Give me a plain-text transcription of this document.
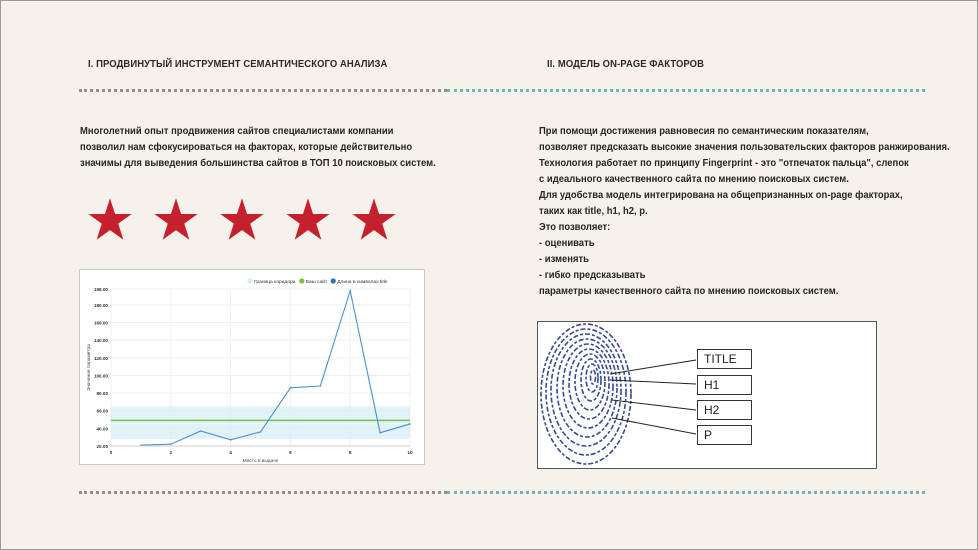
I. ПРОДВИНУТЫЙ ИНСТРУМЕНТ СЕМАНТИЧЕСКОГО АНАЛИЗА	II. МОДЕЛЬ ON-PAGE ФАКТОРОВ
Многолетний опыт продвижения сайтов специалистами компании
позволил нам сфокусироваться на факторах, которые действительно
значимы для выведения большинства сайтов в ТОП 10 поисковых систем.
При помощи достижения равновесия по семантическим показателям,
позволяет предсказать высокие значения пользовательских факторов ранжирования.
Технология работает по принципу Fingerprint - это "отпечаток пальца", слепок
с идеального качественного сайта по мнению поисковых систем.
Для удобства модель интегрирована на общепризнанных on-page факторах,
таких как title, h1, h2, p.
Это позволяет:
- оценивать
- изменять
- гибко предсказывать
параметры качественного сайта по мнению поисковых систем.
20.00
40.00
60.00
80.00
100.00
120.00
140.00
160.00
180.00
198.00
0	2	4	6	8	10
Место в выдаче
Значение параметра
Граница коридора Ваш сайт Длина в символах title
TITLE
H1
H2
P
